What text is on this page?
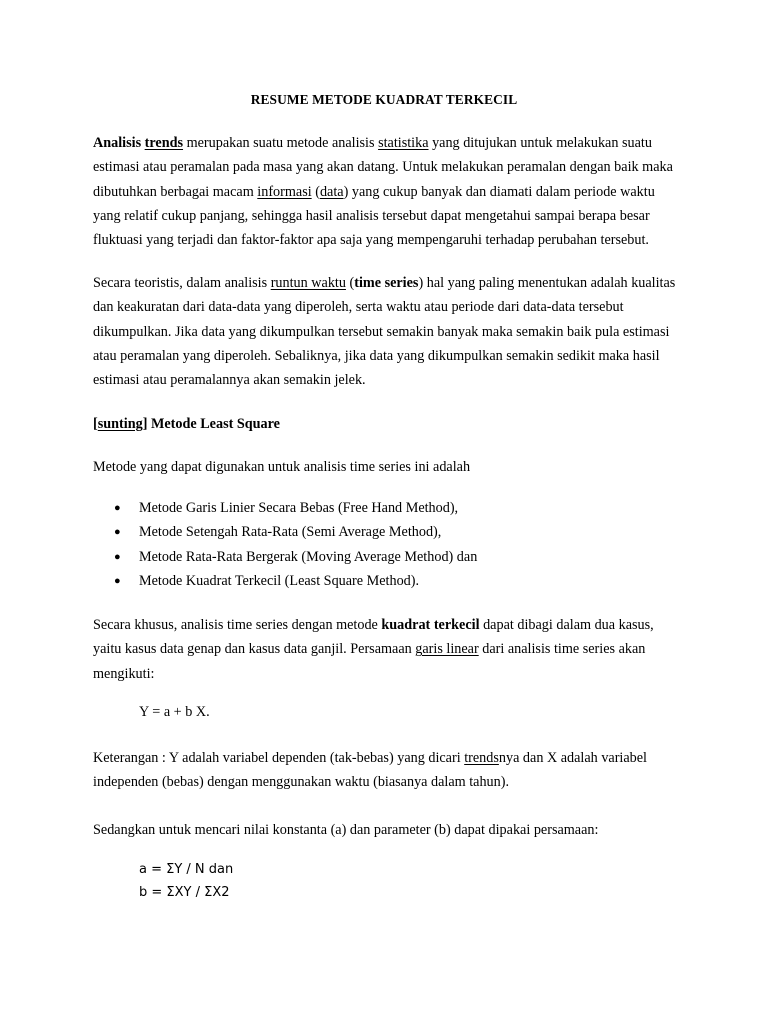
RESUME METODE KUADRAT TERKECIL
Analisis trends merupakan suatu metode analisis statistika yang ditujukan untuk melakukan suatu estimasi atau peramalan pada masa yang akan datang. Untuk melakukan peramalan dengan baik maka dibutuhkan berbagai macam informasi (data) yang cukup banyak dan diamati dalam periode waktu yang relatif cukup panjang, sehingga hasil analisis tersebut dapat mengetahui sampai berapa besar fluktuasi yang terjadi dan faktor-faktor apa saja yang mempengaruhi terhadap perubahan tersebut.
Secara teoristis, dalam analisis runtun waktu (time series) hal yang paling menentukan adalah kualitas dan keakuratan dari data-data yang diperoleh, serta waktu atau periode dari data-data tersebut dikumpulkan. Jika data yang dikumpulkan tersebut semakin banyak maka semakin baik pula estimasi atau peramalan yang diperoleh. Sebaliknya, jika data yang dikumpulkan semakin sedikit maka hasil estimasi atau peramalannya akan semakin jelek.
[sunting] Metode Least Square
Metode yang dapat digunakan untuk analisis time series ini adalah
● Metode Garis Linier Secara Bebas (Free Hand Method),
● Metode Setengah Rata-Rata (Semi Average Method),
● Metode Rata-Rata Bergerak (Moving Average Method) dan
● Metode Kuadrat Terkecil (Least Square Method).
Secara khusus, analisis time series dengan metode kuadrat terkecil dapat dibagi dalam dua kasus, yaitu kasus data genap dan kasus data ganjil. Persamaan garis linear dari analisis time series akan mengikuti:
Y = a + b X.
Keterangan : Y adalah variabel dependen (tak-bebas) yang dicari trendsnya dan X adalah variabel independen (bebas) dengan menggunakan waktu (biasanya dalam tahun).
Sedangkan untuk mencari nilai konstanta (a) dan parameter (b) dapat dipakai persamaan:
a = ΣY / N dan
b = ΣXY / ΣX2
